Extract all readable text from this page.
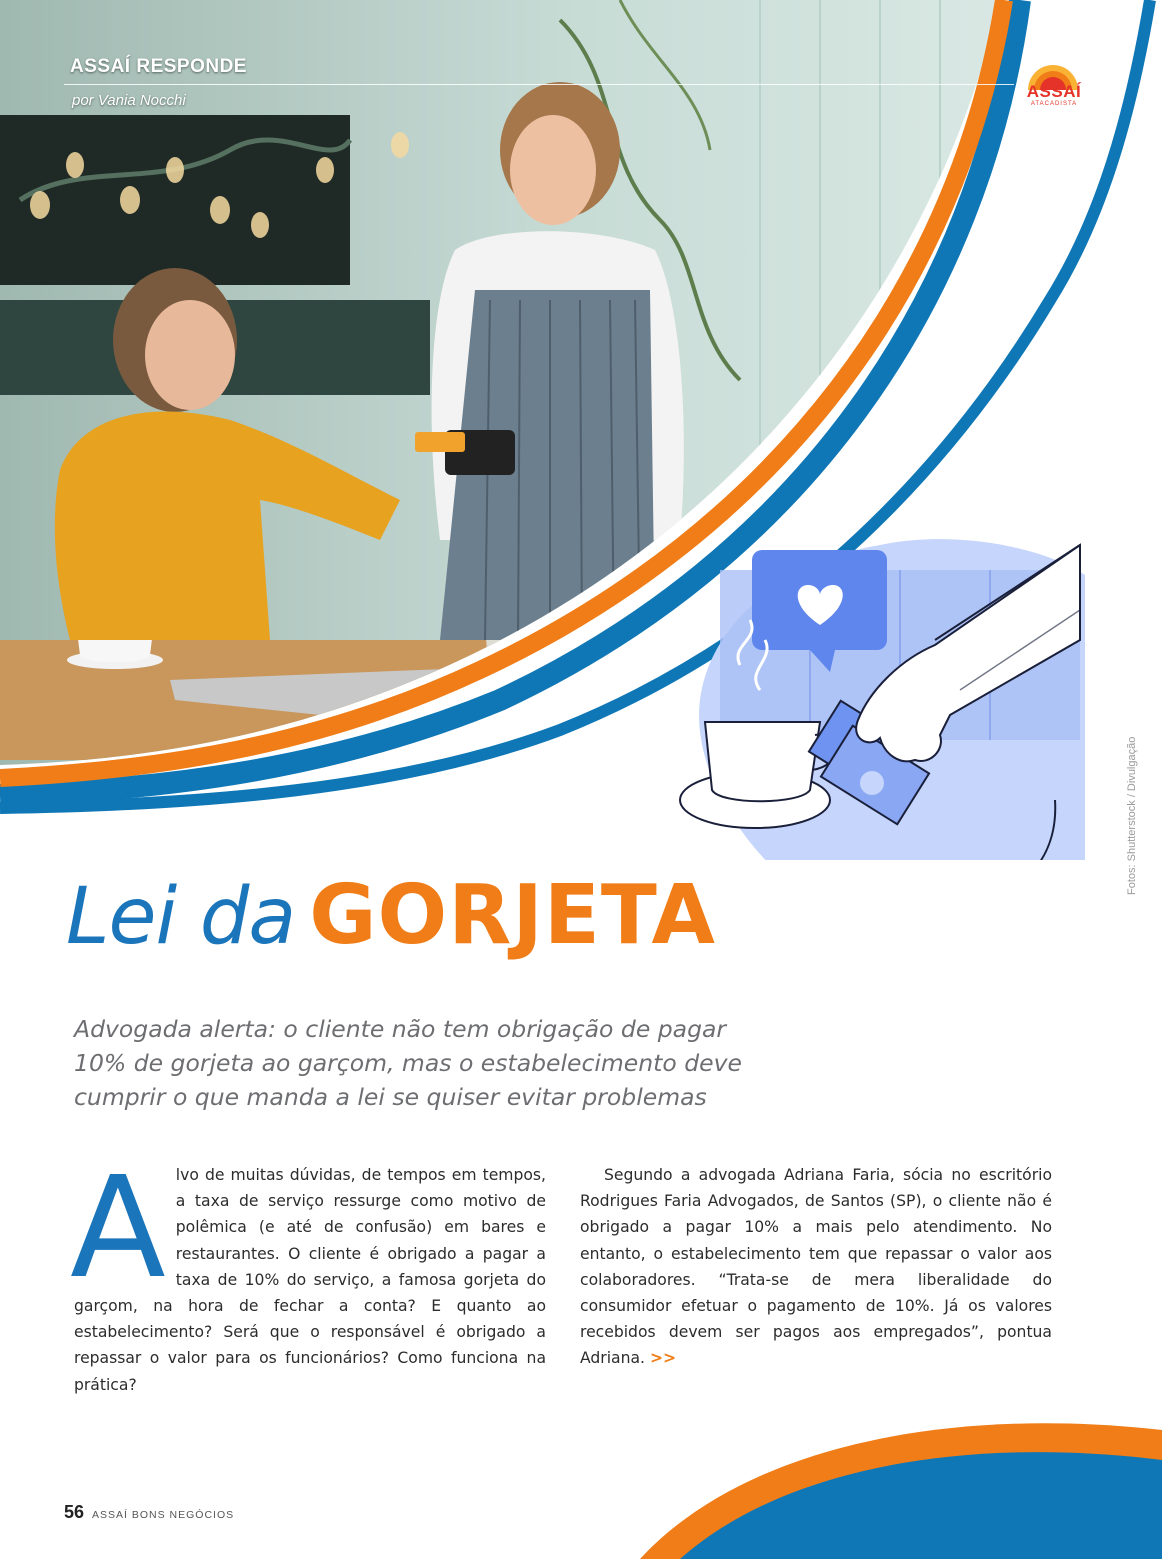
ASSAÍ RESPONDE
por Vania Nocchi	ASSAÍ
ATACADISTA
Fotos: Shutterstock / Divulgação
Lei da GORJETA
Advogada alerta: o cliente não tem obrigação de pagar 10% de gorjeta ao garçom, mas o estabelecimento deve cumprir o que manda a lei se quiser evitar problemas
Alvo de muitas dúvidas, de tempos em tempos, a taxa de serviço ressurge como motivo de polêmica (e até de confusão) em bares e restaurantes. O cliente é obrigado a pagar a taxa de 10% do serviço, a famosa gorjeta do garçom, na hora de fechar a conta? E quanto ao estabelecimento? Será que o responsável é obrigado a repassar o valor para os funcionários? Como funciona na prática?
Segundo a advogada Adriana Faria, sócia no escritório Rodrigues Faria Advogados, de Santos (SP), o cliente não é obrigado a pagar 10% a mais pelo atendimento. No entanto, o estabelecimento tem que repassar o valor aos colaboradores. “Trata-se de mera liberalidade do consumidor efetuar o pagamento de 10%. Já os valores recebidos devem ser pagos aos empregados”, pontua Adriana. >>
56 ASSAÍ BONS NEGÓCIOS
